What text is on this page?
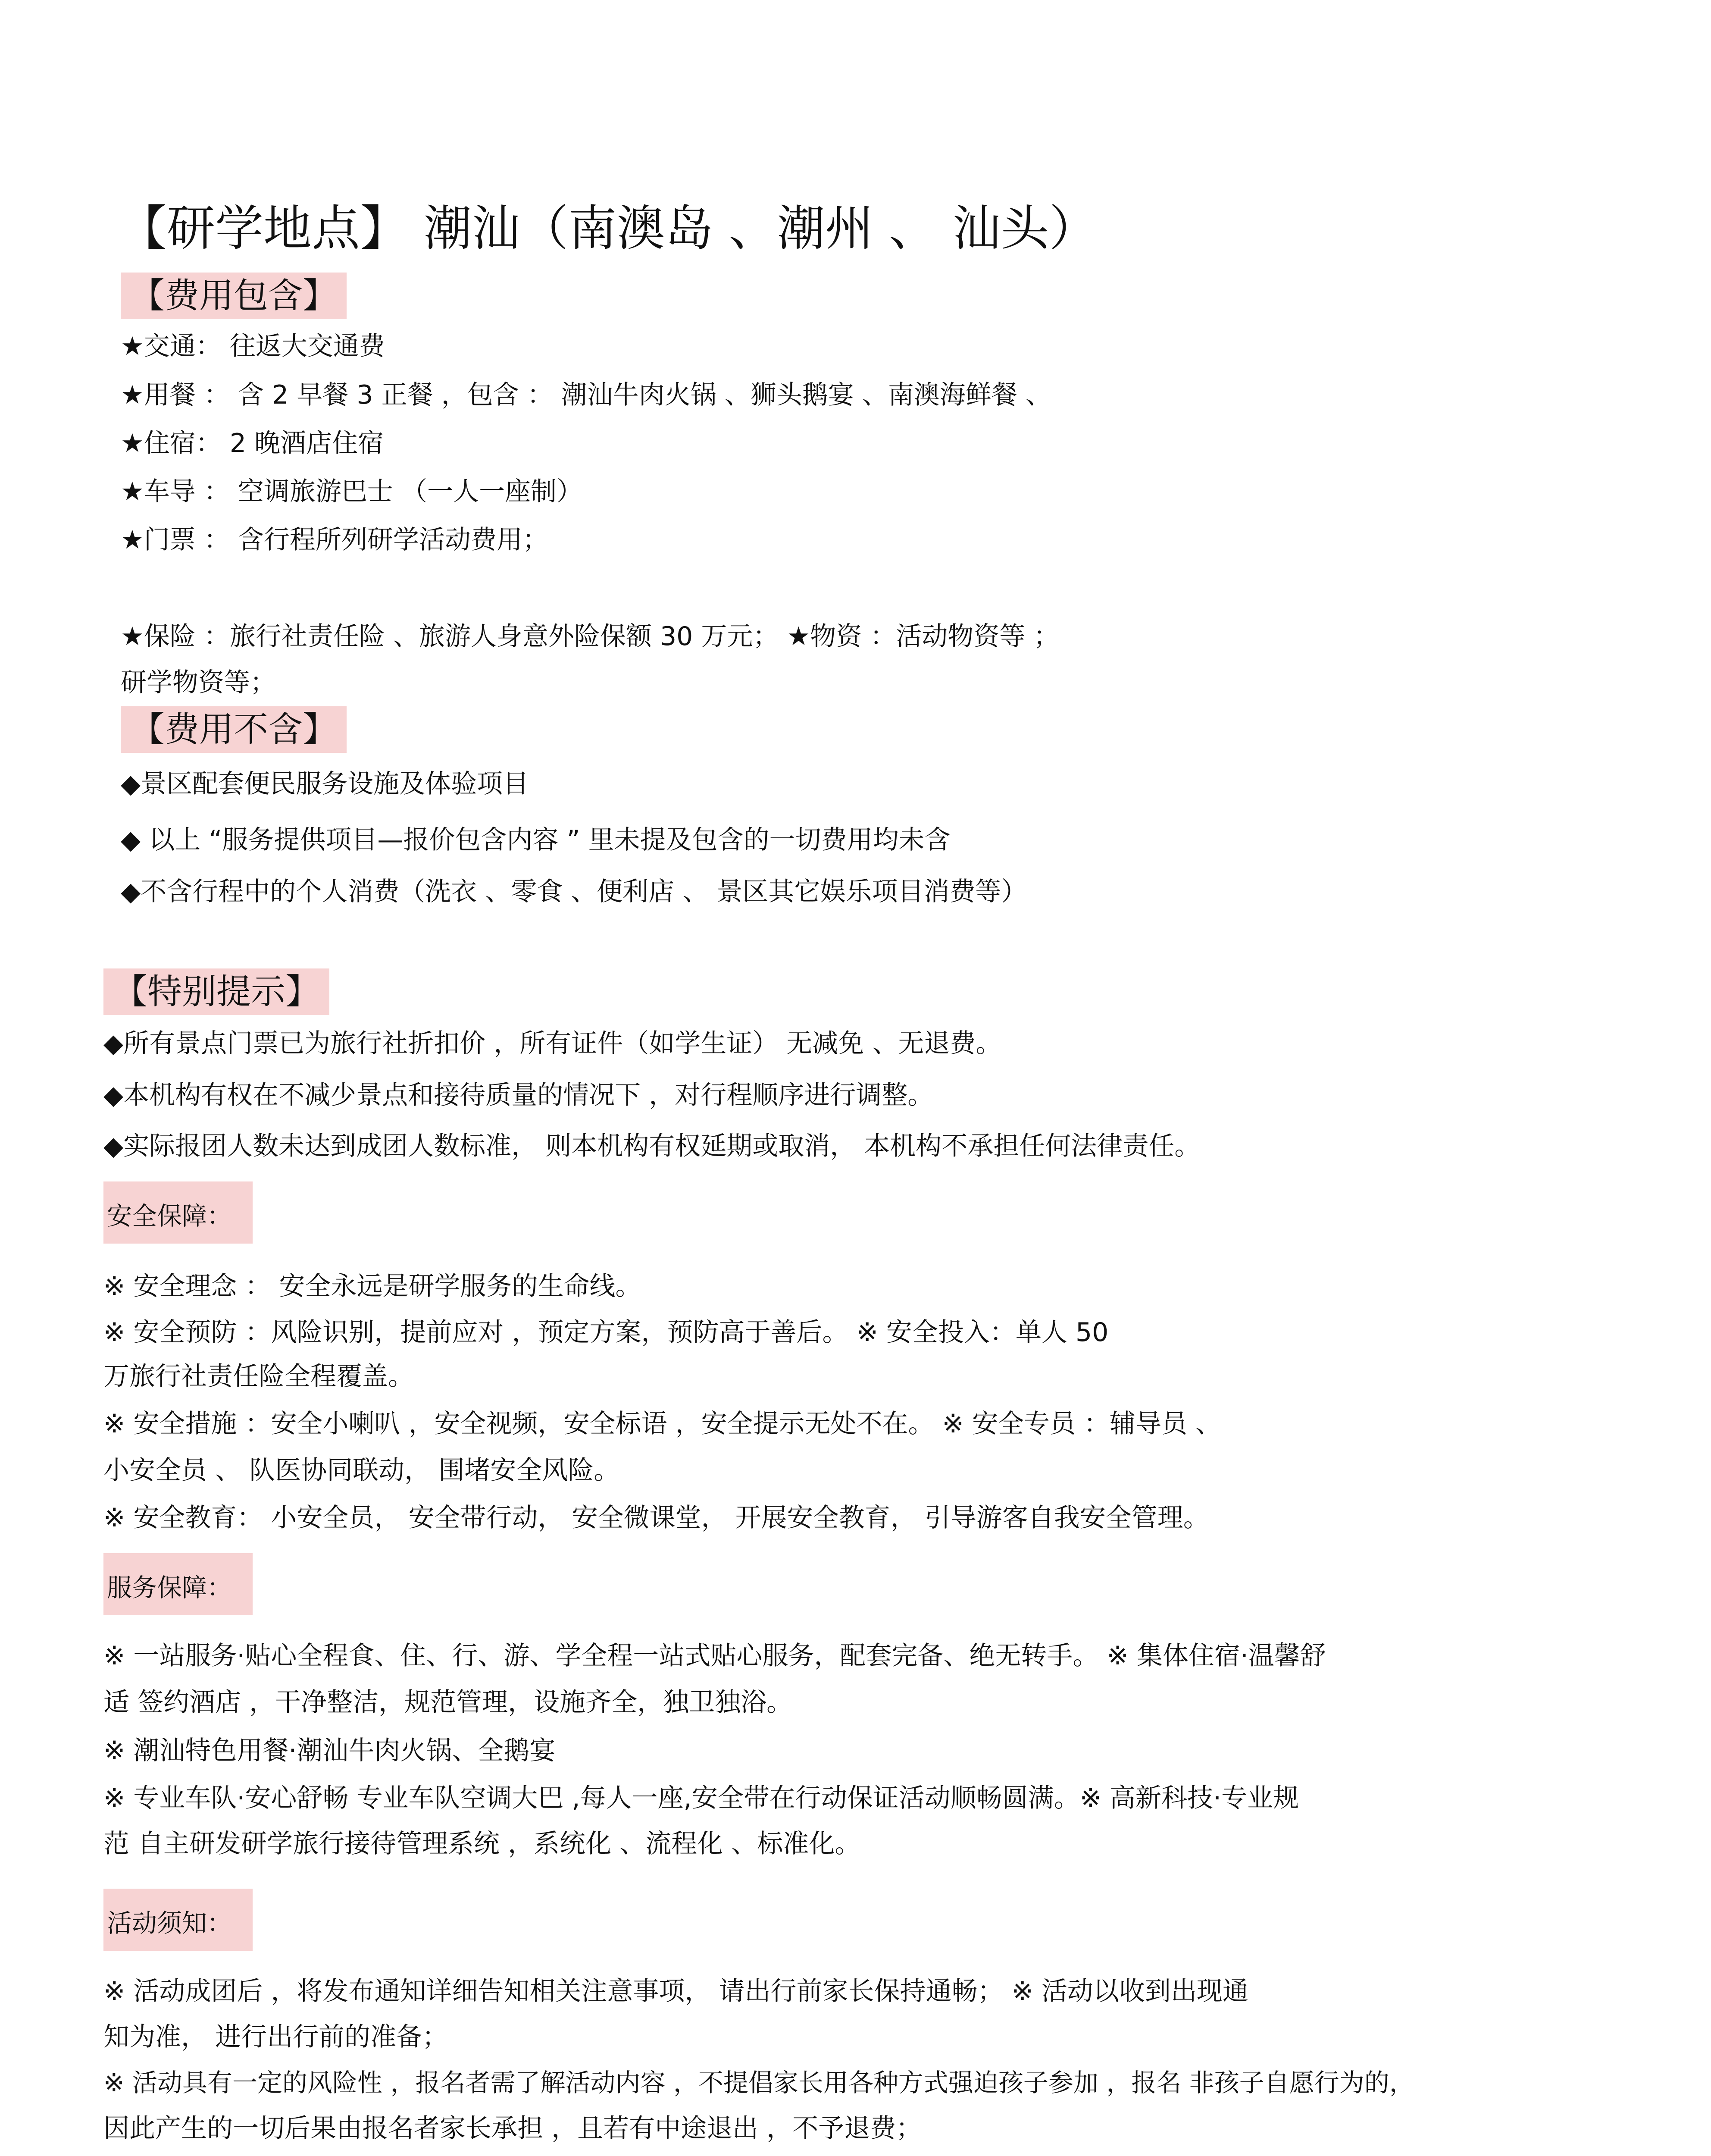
【研学地点】 潮汕（南澳岛 、潮州 、 汕头）
【费用包含】
★交通： 往返大交通费
★用餐 ： 含 2 早餐 3 正餐 ，包含 ： 潮汕牛肉火锅 、狮头鹅宴 、南澳海鲜餐 、
★住宿： 2 晚酒店住宿
★车导 ： 空调旅游巴士 （一人一座制）
★门票 ： 含行程所列研学活动费用；
★保险 ：旅行社责任险 、旅游人身意外险保额 30 万元； ★物资 ：活动物资等 ；
研学物资等；
【费用不含】
◆景区配套便民服务设施及体验项目
◆ 以上 “服务提供项目—报价包含内容 ” 里未提及包含的一切费用均未含
◆不含行程中的个人消费（洗衣 、零食 、便利店 、 景区其它娱乐项目消费等）
【特别提示】
◆所有景点门票已为旅行社折扣价 ，所有证件（如学生证） 无减免 、无退费。
◆本机构有权在不减少景点和接待质量的情况下 ，对行程顺序进行调整。
◆实际报团人数未达到成团人数标准， 则本机构有权延期或取消， 本机构不承担任何法律责任。
安全保障：
※ 安全理念 ： 安全永远是研学服务的生命线。
※ 安全预防 ：风险识别，提前应对 ，预定方案，预防高于善后。 ※ 安全投入：单人 50
万旅行社责任险全程覆盖。
※ 安全措施 ：安全小喇叭 ，安全视频，安全标语 ，安全提示无处不在。 ※ 安全专员 ：辅导员 、
小安全员 、 队医协同联动， 围堵安全风险。
※ 安全教育： 小安全员， 安全带行动， 安全微课堂， 开展安全教育， 引导游客自我安全管理。
服务保障：
※ 一站服务·贴心全程食、住、行、游、学全程一站式贴心服务，配套完备、绝无转手。 ※ 集体住宿·温馨舒
适 签约酒店 ，干净整洁，规范管理，设施齐全，独卫独浴。
※ 潮汕特色用餐·潮汕牛肉火锅、全鹅宴
※ 专业车队·安心舒畅 专业车队空调大巴 ,每人一座,安全带在行动保证活动顺畅圆满。※ 高新科技·专业规
范 自主研发研学旅行接待管理系统 ，系统化 、流程化 、标准化。
活动须知：
※ 活动成团后 ，将发布通知详细告知相关注意事项， 请出行前家长保持通畅； ※ 活动以收到出现通
知为准， 进行出行前的准备；
※ 活动具有一定的风险性 ，报名者需了解活动内容 ，不提倡家长用各种方式强迫孩子参加 ，报名 非孩子自愿行为的，
因此产生的一切后果由报名者家长承担 ，且若有中途退出 ，不予退费；
